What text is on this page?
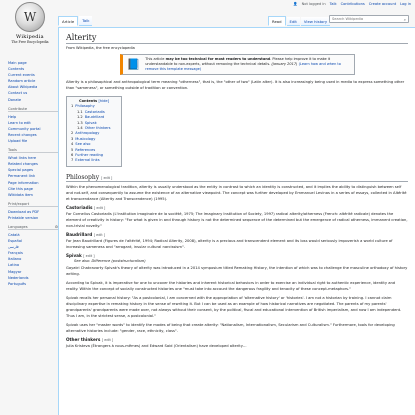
W
Wikipedia
The Free Encyclopedia
👤 Not logged in Talk Contributions Create account Log in
Article	Talk	Read	Edit	View history
Search Wikipedia	⌕
Main page
Contents
Current events
Random article
About Wikipedia
Contact us
Donate
Contribute
Help
Learn to edit
Community portal
Recent changes
Upload file
Tools
What links here
Related changes
Special pages
Permanent link
Page information
Cite this page
Wikidata item
Print/export
Download as PDF
Printable version
Languages	⚙
Català
Español
فارسی
Français
Italiano
Latina
Magyar
Nederlands
Português
Alterity
From Wikipedia, the free encyclopedia
📘 This article may be too technical for most readers to understand. Please help improve it to make it understandable to non-experts, without removing the technical details. (January 2017) (Learn how and when to remove this template message)

Alterity is a philosophical and anthropological term meaning "otherness", that is, the "other of two" (Latin alter). It is also increasingly being used in media to express something other than "sameness", or something outside of tradition or convention.

Contents [hide]
1 Philosophy
1.1 Castoriadis
1.2 Baudrillard
1.3 Spivak
1.4 Other thinkers
2 Anthropology
3 Musicology
4 See also
5 References
6 Further reading
7 External links
Philosophy [ edit ]

Within the phenomenological tradition, alterity is usually understood as the entity in contrast to which an identity is constructed, and it implies the ability to distinguish between self and not-self, and consequently to assume the existence of an alternative viewpoint. The concept was further developed by Emmanuel Levinas in a series of essays, collected in Altérité et transcendance (Alterity and Transcendence) (1995).

Castoriadis [ edit ]

For Cornelius Castoriadis (L'institution imaginaire de la société, 1975; The Imaginary Institution of Society, 1997) radical alterity/otherness (French: altérité radicale) denotes the element of creativity in history: "For what is given in and through history is not the determined sequence of the determined but the emergence of radical otherness, immanent creation, non-trivial novelty."

Baudrillard [ edit ]

For Jean Baudrillard (Figures de l'altérité, 1994; Radical Alterity, 2008), alterity is a precious and transcendent element and its loss would seriously impoverish a world culture of increasing sameness and "arrogant, insular cultural narcissism".

Spivak [ edit ]
See also: Difference (poststructuralism)

Gayatri Chakravorty Spivak's theory of alterity was introduced in a 2014 symposium titled Remaking History, the intention of which was to challenge the masculine orthodoxy of history writing.

According to Spivak, it is imperative for one to uncover the histories and inherent historical behaviors in order to exercise an individual right to authentic experience, identity and reality. Within the concept of socially constructed histories one "must take into account the dangerous fragility and tenacity of these concept-metaphors."

Spivak recalls her personal history: "As a postcolonial, I am concerned with the appropriation of 'alternative history' or 'histories'. I am not a historian by training. I cannot claim disciplinary expertise in remaking history in the sense of rewriting it. But I can be used as an example of how historical narratives are negotiated. The parents of my parents' grandparents' grandparents were made over, not always without their consent, by the political, fiscal and educational intervention of British imperialism, and now I am independent. Thus I am, in the strictest sense, a postcolonial."

Spivak uses her "master words" to identify the modes of being that create alterity: "Nationalism, Internationalism, Secularism and Culturalism." Furthermore, tools for developing alternative histories include: "gender, race, ethnicity, class".

Other thinkers [ edit ]

Julia Kristeva (Étrangers à nous-mêmes) and Edward Said (Orientalism) have developed alterity…
